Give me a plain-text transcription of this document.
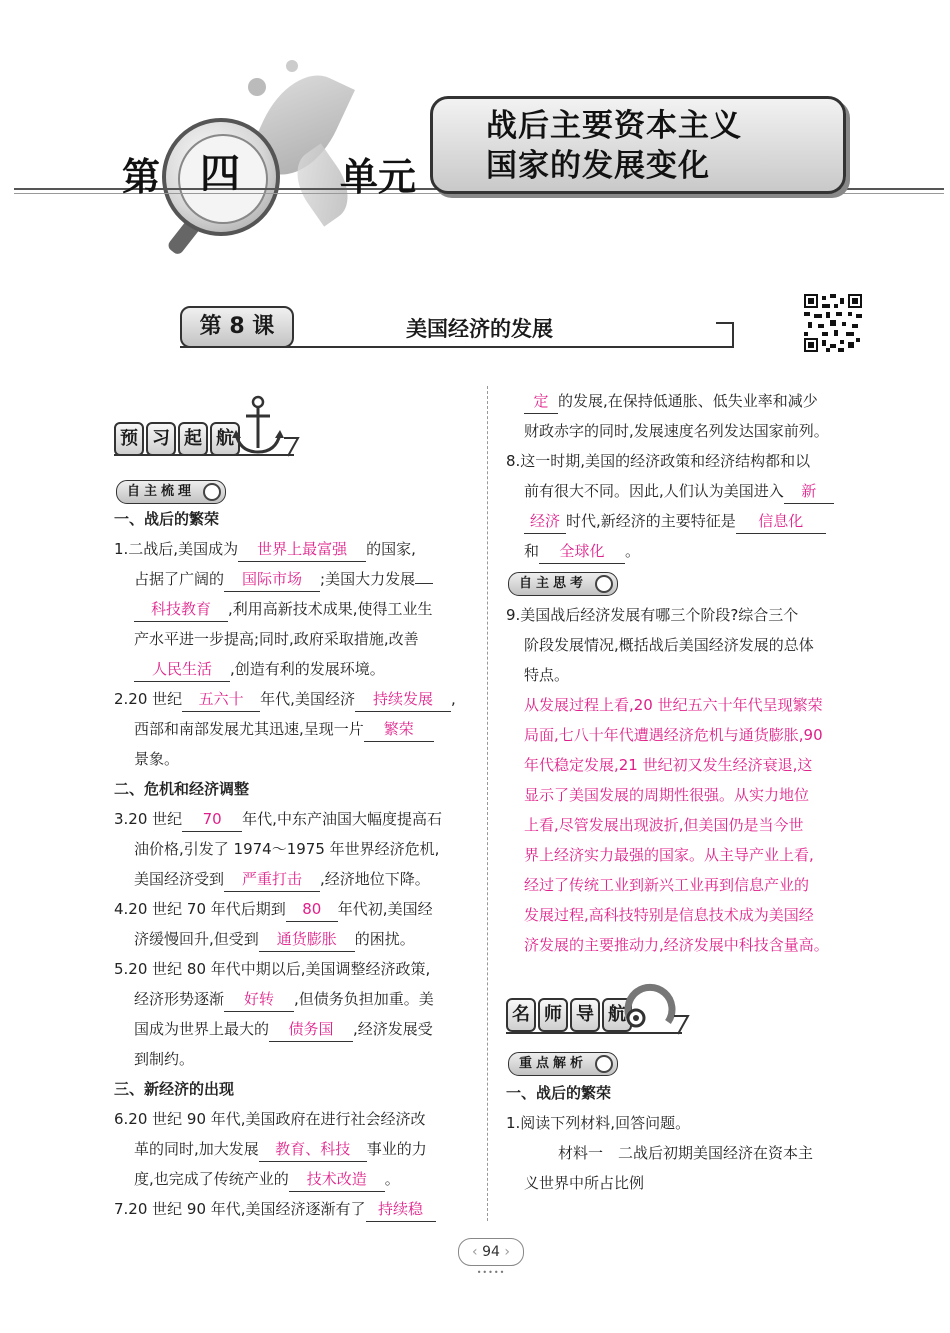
第 四	单元
战后主要资本主义
国家的发展变化
第 8 课	美国经济的发展
预 习 起 航
自主梳理
一、战后的繁荣

1.二战后,美国成为 世界上最富强 的国家,
占据了广阔的 国际市场 ;美国大力发展
科技教育 ,利用高新技术成果,使得工业生
产水平进一步提高;同时,政府采取措施,改善
人民生活 ,创造有利的发展环境。

2.20 世纪 五六十 年代,美国经济 持续发展 ,
西部和南部发展尤其迅速,呈现一片 繁荣
景象。

二、危机和经济调整

3.20 世纪 70 年代,中东产油国大幅度提高石
油价格,引发了 1974～1975 年世界经济危机,
美国经济受到 严重打击 ,经济地位下降。

4.20 世纪 70 年代后期到 80 年代初,美国经
济缓慢回升,但受到 通货膨胀 的困扰。

5.20 世纪 80 年代中期以后,美国调整经济政策,
经济形势逐渐 好转 ,但债务负担加重。美
国成为世界上最大的 债务国 ,经济发展受
到制约。

三、新经济的出现

6.20 世纪 90 年代,美国政府在进行社会经济改
革的同时,加大发展 教育、科技 事业的力
度,也完成了传统产业的 技术改造 。

7.20 世纪 90 年代,美国经济逐渐有了 持续稳

定 的发展,在保持低通胀、低失业率和减少
财政赤字的同时,发展速度名列发达国家前列。

8.这一时期,美国的经济政策和经济结构都和以
前有很大不同。因此,人们认为美国进入 新
经济 时代,新经济的主要特征是 信息化
和 全球化 。

自主思考

9.美国战后经济发展有哪三个阶段?综合三个
阶段发展情况,概括战后美国经济发展的总体
特点。

从发展过程上看,20 世纪五六十年代呈现繁荣
局面,七八十年代遭遇经济危机与通货膨胀,90
年代稳定发展,21 世纪初又发生经济衰退,这
显示了美国发展的周期性很强。从实力地位
上看,尽管发展出现波折,但美国仍是当今世
界上经济实力最强的国家。从主导产业上看,
经过了传统工业到新兴工业再到信息产业的
发展过程,高科技特别是信息技术成为美国经
济发展的主要推动力,经济发展中科技含量高。
名 师 导 航
重点解析
一、战后的繁荣
1.阅读下列材料,回答问题。
材料一　二战后初期美国经济在资本主
义世界中所占比例
‹ 94 ›
•••••
